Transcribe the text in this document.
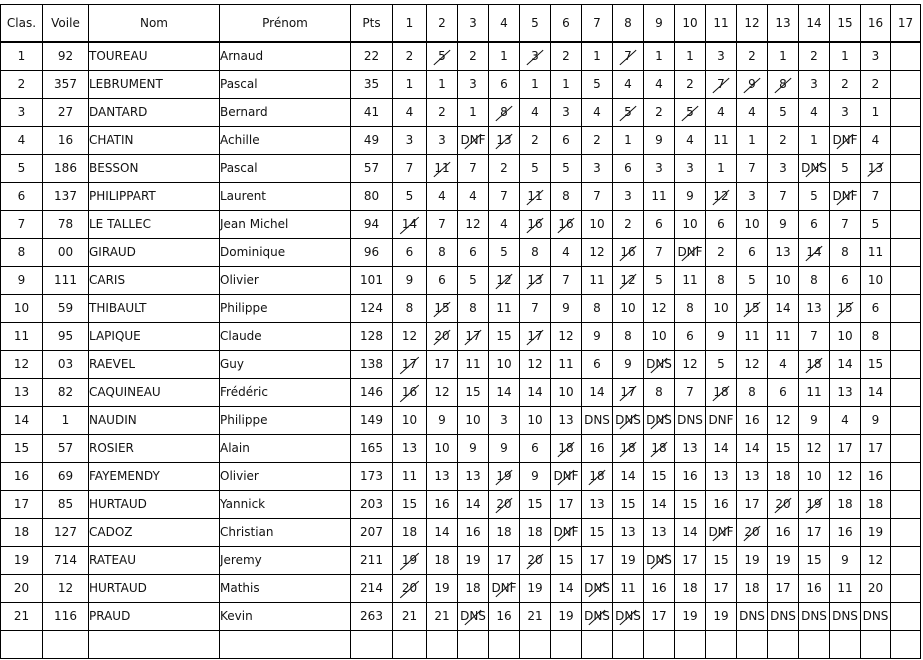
Clas.	Voile	Nom	Prénom	Pts	1	2	3	4	5	6	7	8	9	10	11	12	13	14	15	16	17
1	92	TOUREAU	Arnaud	22	2	5	2	1	3	2	1	7	1	1	3	2	1	2	1	3	
2	357	LEBRUMENT	Pascal	35	1	1	3	6	1	1	5	4	4	2	7	9	8	3	2	2	
3	27	DANTARD	Bernard	41	4	2	1	8	4	3	4	5	2	5	4	4	5	4	3	1	
4	16	CHATIN	Achille	49	3	3	DNF	13	2	6	2	1	9	4	11	1	2	1	DNF	4	
5	186	BESSON	Pascal	57	7	11	7	2	5	5	3	6	3	3	1	7	3	DNS	5	13

6	137	PHILIPPART	Laurent	80	5	4	4	7	11	8	7	3	11	9	12	3	7	5	DNF	7	
7	78	LE TALLEC	Jean Michel	94	14	7	12	4	16	16	10	2	6	10	6	10	9	6	7	5	
8	00	GIRAUD	Dominique	96	6	8	6	5	8	4	12	16	7	DNF	2	6	13	14	8	11	
9	111	CARIS	Olivier	101	9	6	5	12	13	7	11	12	5	11	8	5	10	8	6	10	
10	59	THIBAULT	Philippe	124	8	15	8	11	7	9	8	10	12	8	10	15	14	13	15	6	
11	95	LAPIQUE	Claude	128	12	20	17	15	17	12	9	8	10	6	9	11	11	7	10	8	
12	03	RAEVEL	Guy	138	17	17	11	10	12	11	6	9	DNS	12	5	12	4	18	14	15	
13	82	CAQUINEAU	Frédéric	146	16	12	15	14	14	10	14	17	8	7	18	8	6	11	13	14	
14	1	NAUDIN	Philippe	149	10	9	10	3	10	13	DNS	DNS	DNS	DNS	DNF	16	12	9	4	9	
15	57	ROSIER	Alain	165	13	10	9	9	6	18	16	18	18	13	14	14	15	12	17	17	
16	69	FAYEMENDY	Olivier	173	11	13	13	19	9	DNF	18	14	15	16	13	13	18	10	12	16	
17	85	HURTAUD	Yannick	203	15	16	14	20	15	17	13	15	14	15	16	17	20	19	18	18	
18	127	CADOZ	Christian	207	18	14	16	18	18	DNF	15	13	13	14	DNF	20	16	17	16	19	
19	714	RATEAU	Jeremy	211	19	18	19	17	20	15	17	19	DNS	17	15	19	19	15	9	12	
20	12	HURTAUD	Mathis	214	20	19	18	DNF	19	14	DNS	11	16	18	17	18	17	16	11	20	
21	116	PRAUD	Kevin	263	21	21	DNS	16	21	19	DNS	DNS	17	19	19	DNS	DNS	DNS	DNS	DNS	
